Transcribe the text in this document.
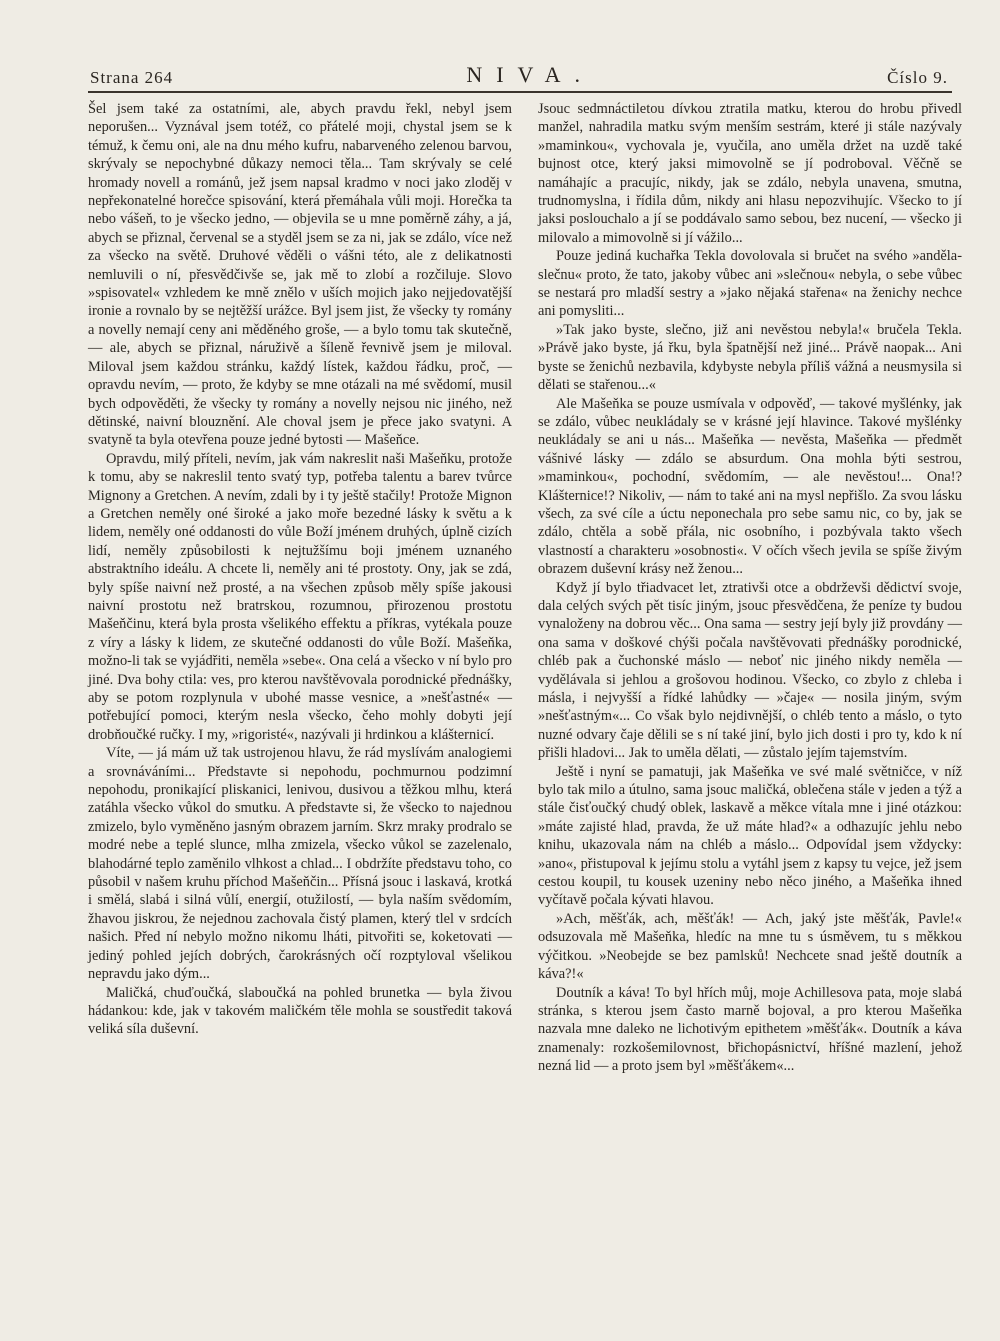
Strana 264	NIVA.	Číslo 9.

Šel jsem také za ostatními, ale, abych pravdu řekl, nebyl jsem neporušen... Vyznával jsem totéž, co přátelé moji, chystal jsem se k témuž, k čemu oni, ale na dnu mého kufru, nabarveného zelenou barvou, skrývaly se nepochybné důkazy nemoci těla... Tam skrývaly se celé hromady novell a románů, jež jsem napsal kradmo v noci jako zloděj v nepřekonatelné horečce spisování, která přemáhala vůli moji. Horečka ta nebo vášeň, to je všecko jedno, — objevila se u mne poměrně záhy, a já, abych se přiznal, červenal se a styděl jsem se za ni, jak se zdálo, více než za všecko na světě. Druhové věděli o vášni této, ale z delikatnosti nemluvili o ní, přesvědčivše se, jak mě to zlobí a rozčiluje. Slovo »spisovatel« vzhledem ke mně znělo v uších mojich jako nejjedovatější ironie a rovnalo by se nejtěžší urážce. Byl jsem jist, že všecky ty romány a novelly nemají ceny ani měděného groše, — a bylo tomu tak skutečně, — ale, abych se přiznal, náruživě a šíleně řevnivě jsem je miloval. Miloval jsem každou stránku, každý lístek, každou řádku, proč, — opravdu nevím, — proto, že kdyby se mne otázali na mé svědomí, musil bych odpověděti, že všecky ty romány a novelly nejsou nic jiného, než dětinské, naivní blouznění. Ale choval jsem je přece jako svatyni. A svatyně ta byla otevřena pouze jedné bytosti — Mašeňce.

Opravdu, milý příteli, nevím, jak vám nakreslit naši Mašeňku, protože k tomu, aby se nakreslil tento svatý typ, potřeba talentu a barev tvůrce Mignony a Gretchen. A nevím, zdali by i ty ještě stačily! Protože Mignon a Gretchen neměly oné široké a jako moře bezedné lásky k světu a k lidem, neměly oné oddanosti do vůle Boží jménem druhých, úplně cizích lidí, neměly způsobilosti k nejtužšímu boji jménem uznaného abstraktního ideálu. A chcete li, neměly ani té prostoty. Ony, jak se zdá, byly spíše naivní než prosté, a na všechen způsob měly spíše jakousi naivní prostotu než bratrskou, rozumnou, přirozenou prostotu Mašeňčinu, která byla prosta všelikého effektu a příkras, vytékala pouze z víry a lásky k lidem, ze skutečné oddanosti do vůle Boží. Mašeňka, možno-li tak se vyjádřiti, neměla »sebe«. Ona celá a všecko v ní bylo pro jiné. Dva bohy ctila: ves, pro kterou navštěvovala porodnické přednášky, aby se potom rozplynula v ubohé masse vesnice, a »nešťastné« — potřebující pomoci, kterým nesla všecko, čeho mohly dobyti její drobňoučké ručky. I my, »rigoristé«, nazývali ji hrdinkou a klášternicí.

Víte, — já mám už tak ustrojenou hlavu, že rád myslívám analogiemi a srovnáváními... Představte si nepohodu, pochmurnou podzimní nepohodu, pronikající pliskanici, lenivou, dusivou a těžkou mlhu, která zatáhla všecko vůkol do smutku. A představte si, že všecko to najednou zmizelo, bylo vyměněno jasným obrazem jarním. Skrz mraky prodralo se modré nebe a teplé slunce, mlha zmizela, všecko vůkol se zazelenalo, blahodárné teplo zaměnilo vlhkost a chlad... I obdržíte představu toho, co působil v našem kruhu příchod Mašeňčin... Přísná jsouc i laskavá, krotká i smělá, slabá i silná vůlí, energií, otužilostí, — byla naším svědomím, žhavou jiskrou, že nejednou zachovala čistý plamen, který tlel v srdcích našich. Před ní nebylo možno nikomu lháti, pitvořiti se, koketovati — jediný pohled jejích dobrých, čarokrásných očí rozptyloval všelikou nepravdu jako dým...

Maličká, chuďoučká, slaboučká na pohled brunetka — byla živou hádankou: kde, jak v takovém maličkém těle mohla se soustředit taková veliká síla duševní.

Jsouc sedmnáctiletou dívkou ztratila matku, kterou do hrobu přivedl manžel, nahradila matku svým menším sestrám, které ji stále nazývaly »maminkou«, vychovala je, vyučila, ano uměla držet na uzdě také bujnost otce, který jaksi mimovolně se jí podroboval. Věčně se namáhajíc a pracujíc, nikdy, jak se zdálo, nebyla unavena, smutna, trudnomyslna, i řídila dům, nikdy ani hlasu nepozvihujíc. Všecko to jí jaksi poslouchalo a jí se poddávalo samo sebou, bez nucení, — všecko ji milovalo a mimovolně si jí vážilo...

Pouze jediná kuchařka Tekla dovolovala si bručet na svého »anděla-slečnu« proto, že tato, jakoby vůbec ani »slečnou« nebyla, o sebe vůbec se nestará pro mladší sestry a »jako nějaká stařena« na ženichy nechce ani pomysliti...

»Tak jako byste, slečno, již ani nevěstou nebyla!« bručela Tekla. »Právě jako byste, já řku, byla špatnější než jiné... Právě naopak... Ani byste se ženichů nezbavila, kdybyste nebyla příliš vážná a neusmysila si dělati se stařenou...«

Ale Mašeňka se pouze usmívala v odpověď, — takové myšlénky, jak se zdálo, vůbec neukládaly se v krásné její hlavince. Takové myšlénky neukládaly se ani u nás... Mašeňka — nevěsta, Mašeňka — předmět vášnivé lásky — zdálo se absurdum. Ona mohla býti sestrou, »maminkou«, pochodní, svědomím, — ale nevěstou!... Ona!? Klášternice!? Nikoliv, — nám to také ani na mysl nepřišlo. Za svou lásku všech, za své cíle a úctu neponechala pro sebe samu nic, co by, jak se zdálo, chtěla a sobě přála, nic osobního, i pozbývala takto všech vlastností a charakteru »osobnosti«. V očích všech jevila se spíše živým obrazem duševní krásy než ženou...

Když jí bylo třiadvacet let, ztrativši otce a obdrževši dědictví svoje, dala celých svých pět tisíc jiným, jsouc přesvědčena, že peníze ty budou vynaloženy na dobrou věc... Ona sama — sestry její byly již provdány — ona sama v doškové chýši počala navštěvovati přednášky porodnické, chléb pak a čuchonské máslo — neboť nic jiného nikdy neměla — vydělávala si jehlou a grošovou hodinou. Všecko, co zbylo z chleba i másla, i nejvyšší a řídké lahůdky — »čaje« — nosila jiným, svým »nešťastným«... Co však bylo nejdivnější, o chléb tento a máslo, o tyto nuzné odvary čaje dělili se s ní také jiní, bylo jich dosti i pro ty, kdo k ní přišli hladovi... Jak to uměla dělati, — zůstalo jejím tajemstvím.

Ještě i nyní se pamatuji, jak Mašeňka ve své malé světničce, v níž bylo tak milo a útulno, sama jsouc maličká, oblečena stále v jeden a týž a stále čisťoučký chudý oblek, laskavě a měkce vítala mne i jiné otázkou: »máte zajisté hlad, pravda, že už máte hlad?« a odhazujíc jehlu nebo knihu, ukazovala nám na chléb a máslo... Odpovídal jsem vždycky: »ano«, přistupoval k jejímu stolu a vytáhl jsem z kapsy tu vejce, jež jsem cestou koupil, tu kousek uzeniny nebo něco jiného, a Mašeňka ihned vyčítavě počala kývati hlavou.

»Ach, měšťák, ach, měšťák! — Ach, jaký jste měšťák, Pavle!« odsuzovala mě Mašeňka, hledíc na mne tu s úsměvem, tu s měkkou výčitkou. »Neobejde se bez pamlsků! Nechcete snad ještě doutník a káva?!«

Doutník a káva! To byl hřích můj, moje Achillesova pata, moje slabá stránka, s kterou jsem často marně bojoval, a pro kterou Mašeňka nazvala mne daleko ne lichotivým epithetem »měšťák«. Doutník a káva znamenaly: rozkošemilovnost, břichopásnictví, hříšné mazlení, jehož nezná lid — a proto jsem byl »měšťákem«...
